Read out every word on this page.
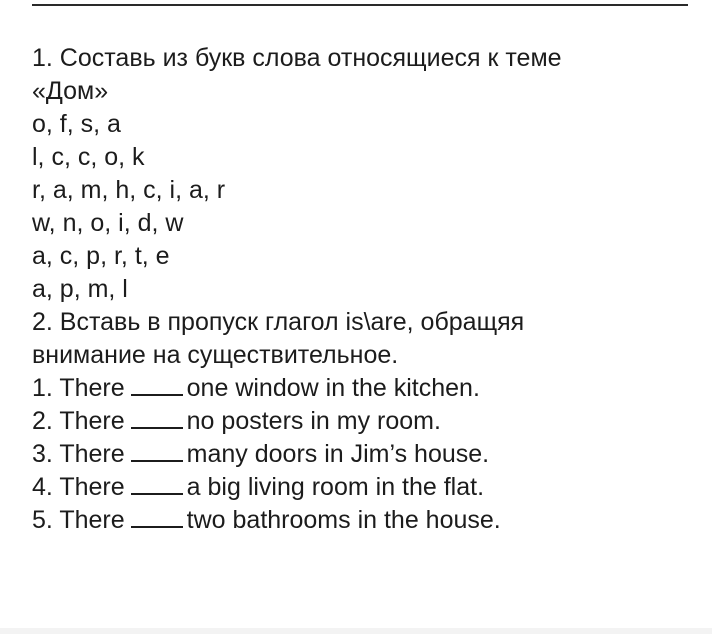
1. Составь из букв слова относящиеся к теме
«Дом»
o, f, s, a
l, c, c, o, k
r, a, m, h, c, i, a, r
w, n, o, i, d, w
a, c, p, r, t, e
a, p, m, l
2. Вставь в пропуск глагол is\are, обращяя
внимание на существительное.
1. There one window in the kitchen.
2. There no posters in my room.
3. There many doors in Jim’s house.
4. There a big living room in the flat.
5. There two bathrooms in the house.
